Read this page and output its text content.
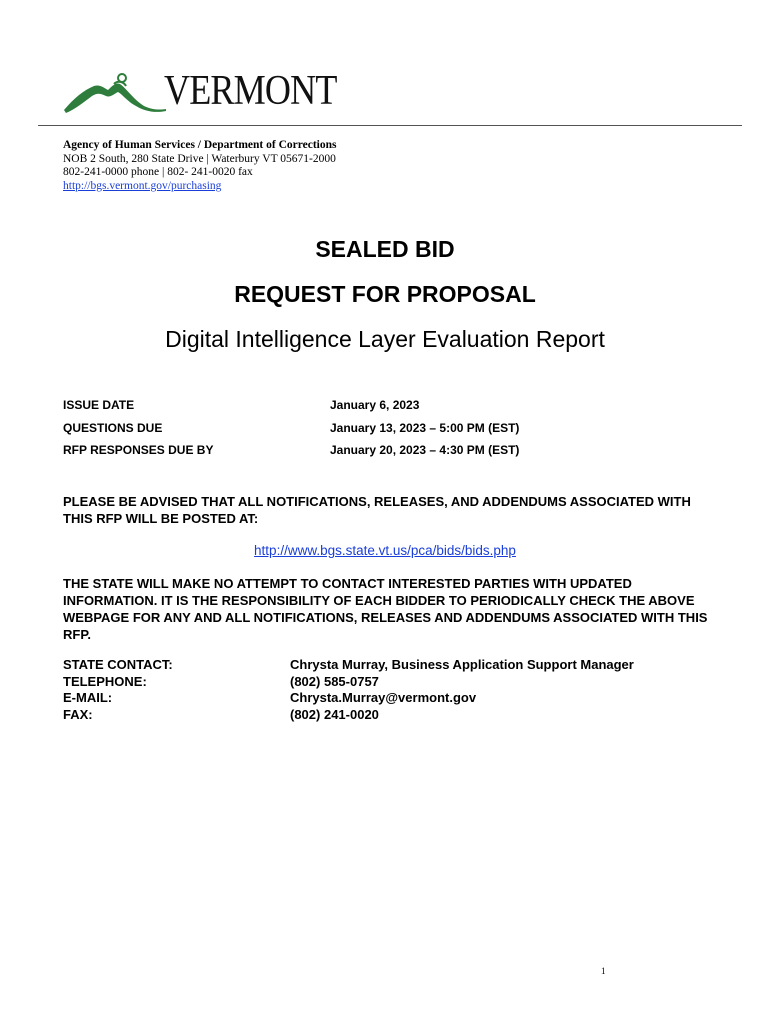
VERMONT
Agency of Human Services / Department of Corrections
NOB 2 South, 280 State Drive | Waterbury VT 05671-2000
802-241-0000 phone | 802- 241-0020 fax
http://bgs.vermont.gov/purchasing
SEALED BID
REQUEST FOR PROPOSAL
Digital Intelligence Layer Evaluation Report
ISSUE DATE	January 6, 2023
QUESTIONS DUE	January 13, 2023 – 5:00 PM (EST)
RFP RESPONSES DUE BY	January 20, 2023 – 4:30 PM (EST)
PLEASE BE ADVISED THAT ALL NOTIFICATIONS, RELEASES, AND ADDENDUMS ASSOCIATED WITH THIS RFP WILL BE POSTED AT:
http://www.bgs.state.vt.us/pca/bids/bids.php
THE STATE WILL MAKE NO ATTEMPT TO CONTACT INTERESTED PARTIES WITH UPDATED INFORMATION. IT IS THE RESPONSIBILITY OF EACH BIDDER TO PERIODICALLY CHECK THE ABOVE WEBPAGE FOR ANY AND ALL NOTIFICATIONS, RELEASES AND ADDENDUMS ASSOCIATED WITH THIS RFP.
STATE CONTACT:	Chrysta Murray, Business Application Support Manager
TELEPHONE:	(802) 585-0757
E-MAIL:	Chrysta.Murray@vermont.gov
FAX:	(802) 241-0020
1
